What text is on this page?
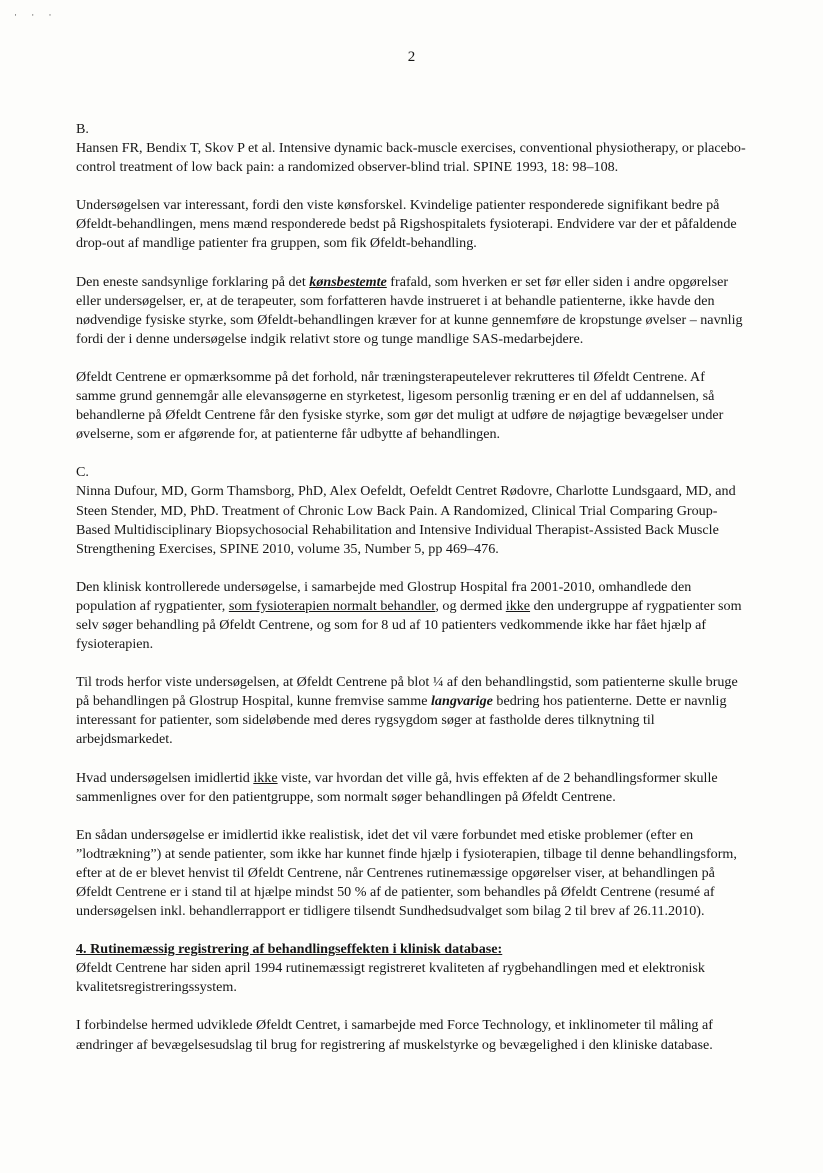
· · ·
2

B.
Hansen FR, Bendix T, Skov P et al. Intensive dynamic back-muscle exercises, conventional physiotherapy, or placebo-control treatment of low back pain: a randomized observer-blind trial. SPINE 1993, 18: 98–108.

Undersøgelsen var interessant, fordi den viste kønsforskel. Kvindelige patienter responderede signifikant bedre på Øfeldt-behandlingen, mens mænd responderede bedst på Rigshospitalets fysioterapi. Endvidere var der et påfaldende drop-out af mandlige patienter fra gruppen, som fik Øfeldt-behandling.

Den eneste sandsynlige forklaring på det kønsbestemte frafald, som hverken er set før eller siden i andre opgørelser eller undersøgelser, er, at de terapeuter, som forfatteren havde instrueret i at behandle patienterne, ikke havde den nødvendige fysiske styrke, som Øfeldt-behandlingen kræver for at kunne gennemføre de kropstunge øvelser – navnlig fordi der i denne undersøgelse indgik relativt store og tunge mandlige SAS-medarbejdere.

Øfeldt Centrene er opmærksomme på det forhold, når træningsterapeutelever rekrutteres til Øfeldt Centrene. Af samme grund gennemgår alle elevansøgerne en styrketest, ligesom personlig træning er en del af uddannelsen, så behandlerne på Øfeldt Centrene får den fysiske styrke, som gør det muligt at udføre de nøjagtige bevægelser under øvelserne, som er afgørende for, at patienterne får udbytte af behandlingen.

C.
Ninna Dufour, MD, Gorm Thamsborg, PhD, Alex Oefeldt, Oefeldt Centret Rødovre, Charlotte Lundsgaard, MD, and Steen Stender, MD, PhD. Treatment of Chronic Low Back Pain. A Randomized, Clinical Trial Comparing Group-Based Multidisciplinary Biopsychosocial Rehabilitation and Intensive Individual Therapist-Assisted Back Muscle Strengthening Exercises, SPINE 2010, volume 35, Number 5, pp 469–476.

Den klinisk kontrollerede undersøgelse, i samarbejde med Glostrup Hospital fra 2001-2010, omhandlede den population af rygpatienter, som fysioterapien normalt behandler, og dermed ikke den undergruppe af rygpatienter som selv søger behandling på Øfeldt Centrene, og som for 8 ud af 10 patienters vedkommende ikke har fået hjælp af fysioterapien.

Til trods herfor viste undersøgelsen, at Øfeldt Centrene på blot ¼ af den behandlingstid, som patienterne skulle bruge på behandlingen på Glostrup Hospital, kunne fremvise samme langvarige bedring hos patienterne. Dette er navnlig interessant for patienter, som sideløbende med deres rygsygdom søger at fastholde deres tilknytning til arbejdsmarkedet.

Hvad undersøgelsen imidlertid ikke viste, var hvordan det ville gå, hvis effekten af de 2 behandlingsformer skulle sammenlignes over for den patientgruppe, som normalt søger behandlingen på Øfeldt Centrene.

En sådan undersøgelse er imidlertid ikke realistisk, idet det vil være forbundet med etiske problemer (efter en ”lodtrækning”) at sende patienter, som ikke har kunnet finde hjælp i fysioterapien, tilbage til denne behandlingsform, efter at de er blevet henvist til Øfeldt Centrene, når Centrenes rutinemæssige opgørelser viser, at behandlingen på Øfeldt Centrene er i stand til at hjælpe mindst 50 % af de patienter, som behandles på Øfeldt Centrene (resumé af undersøgelsen inkl. behandlerrapport er tidligere tilsendt Sundhedsudvalget som bilag 2 til brev af 26.11.2010).

4. Rutinemæssig registrering af behandlingseffekten i klinisk database:
Øfeldt Centrene har siden april 1994 rutinemæssigt registreret kvaliteten af rygbehandlingen med et elektronisk kvalitetsregistreringssystem.

I forbindelse hermed udviklede Øfeldt Centret, i samarbejde med Force Technology, et inklinometer til måling af ændringer af bevægelsesudslag til brug for registrering af muskelstyrke og bevægelighed i den kliniske database.
